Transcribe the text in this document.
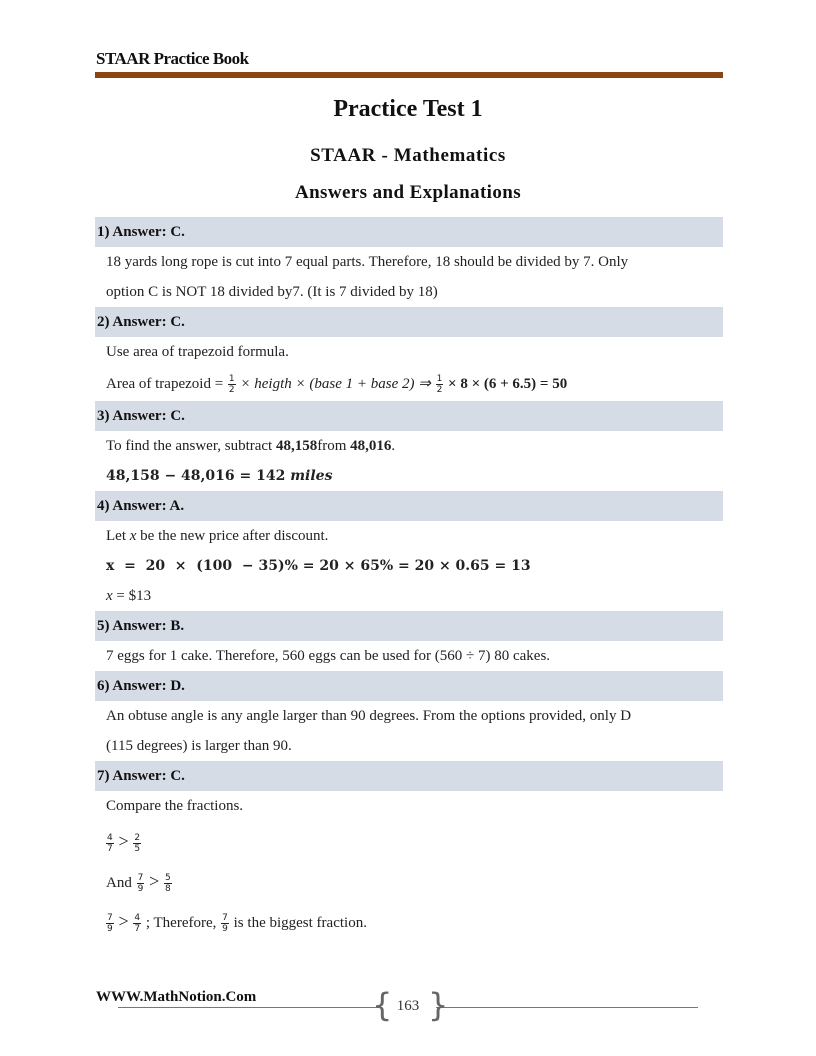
STAAR Practice Book
Practice Test 1
STAAR - Mathematics
Answers and Explanations
1) Answer: C.
18 yards long rope is cut into 7 equal parts. Therefore, 18 should be divided by 7. Only
option C is NOT 18 divided by7. (It is 7 divided by 18)
2) Answer: C.
Use area of trapezoid formula.
Area of trapezoid = $\frac{1}{2}$ × heigth × (base 1 + base 2) ⇒ $\frac{1}{2} \times 8 \times (6 + 6.5) = 50$
3) Answer: C.
To find the answer, subtract 48,158from 48,016.
48,158 − 48,016 = 142 miles
4) Answer: A.
Let x be the new price after discount.
x  =  20  ×  (100  − 35)% = 20 × 65% = 20 × 0.65 = 13
x = $13
5) Answer: B.
7 eggs for 1 cake. Therefore, 560 eggs can be used for (560 ÷ 7) 80 cakes.
6) Answer: D.
An obtuse angle is any angle larger than 90 degrees. From the options provided, only D
(115 degrees) is larger than 90.
7) Answer: C.
Compare the fractions.
$\frac{4}{7} > \frac{2}{5}$
And $\frac{7}{9} > \frac{5}{8}$
$\frac{7}{9} > \frac{4}{7}$ ; Therefore, $\frac{7}{9}$ is the biggest fraction.
WWW.MathNotion.Com	{ }
163
